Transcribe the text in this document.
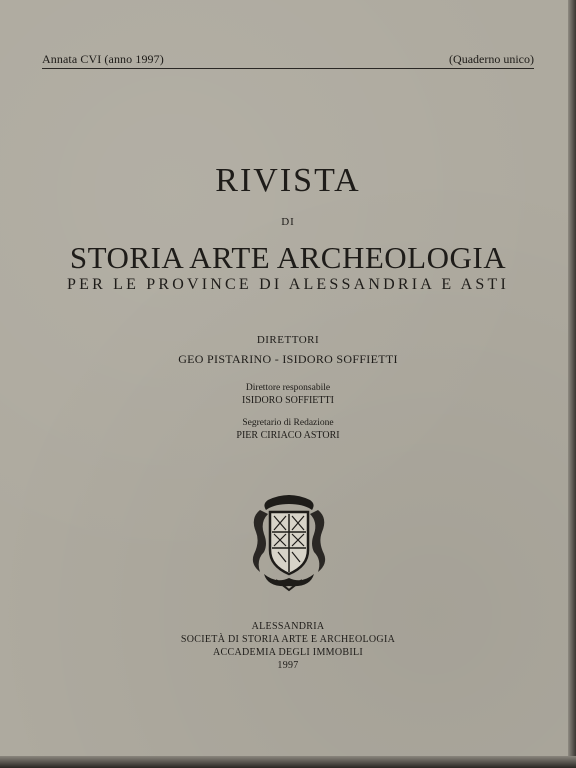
Annata CVI (anno 1997)	(Quaderno unico)
RIVISTA
DI
STORIA ARTE ARCHEOLOGIA
PER LE PROVINCE DI ALESSANDRIA E ASTI
DIRETTORI
GEO PISTARINO - ISIDORO SOFFIETTI
Direttore responsabile
ISIDORO SOFFIETTI
Segretario di Redazione
PIER CIRIACO ASTORI
ALESSANDRIA
SOCIETÀ DI STORIA ARTE E ARCHEOLOGIA
ACCADEMIA DEGLI IMMOBILI
1997
